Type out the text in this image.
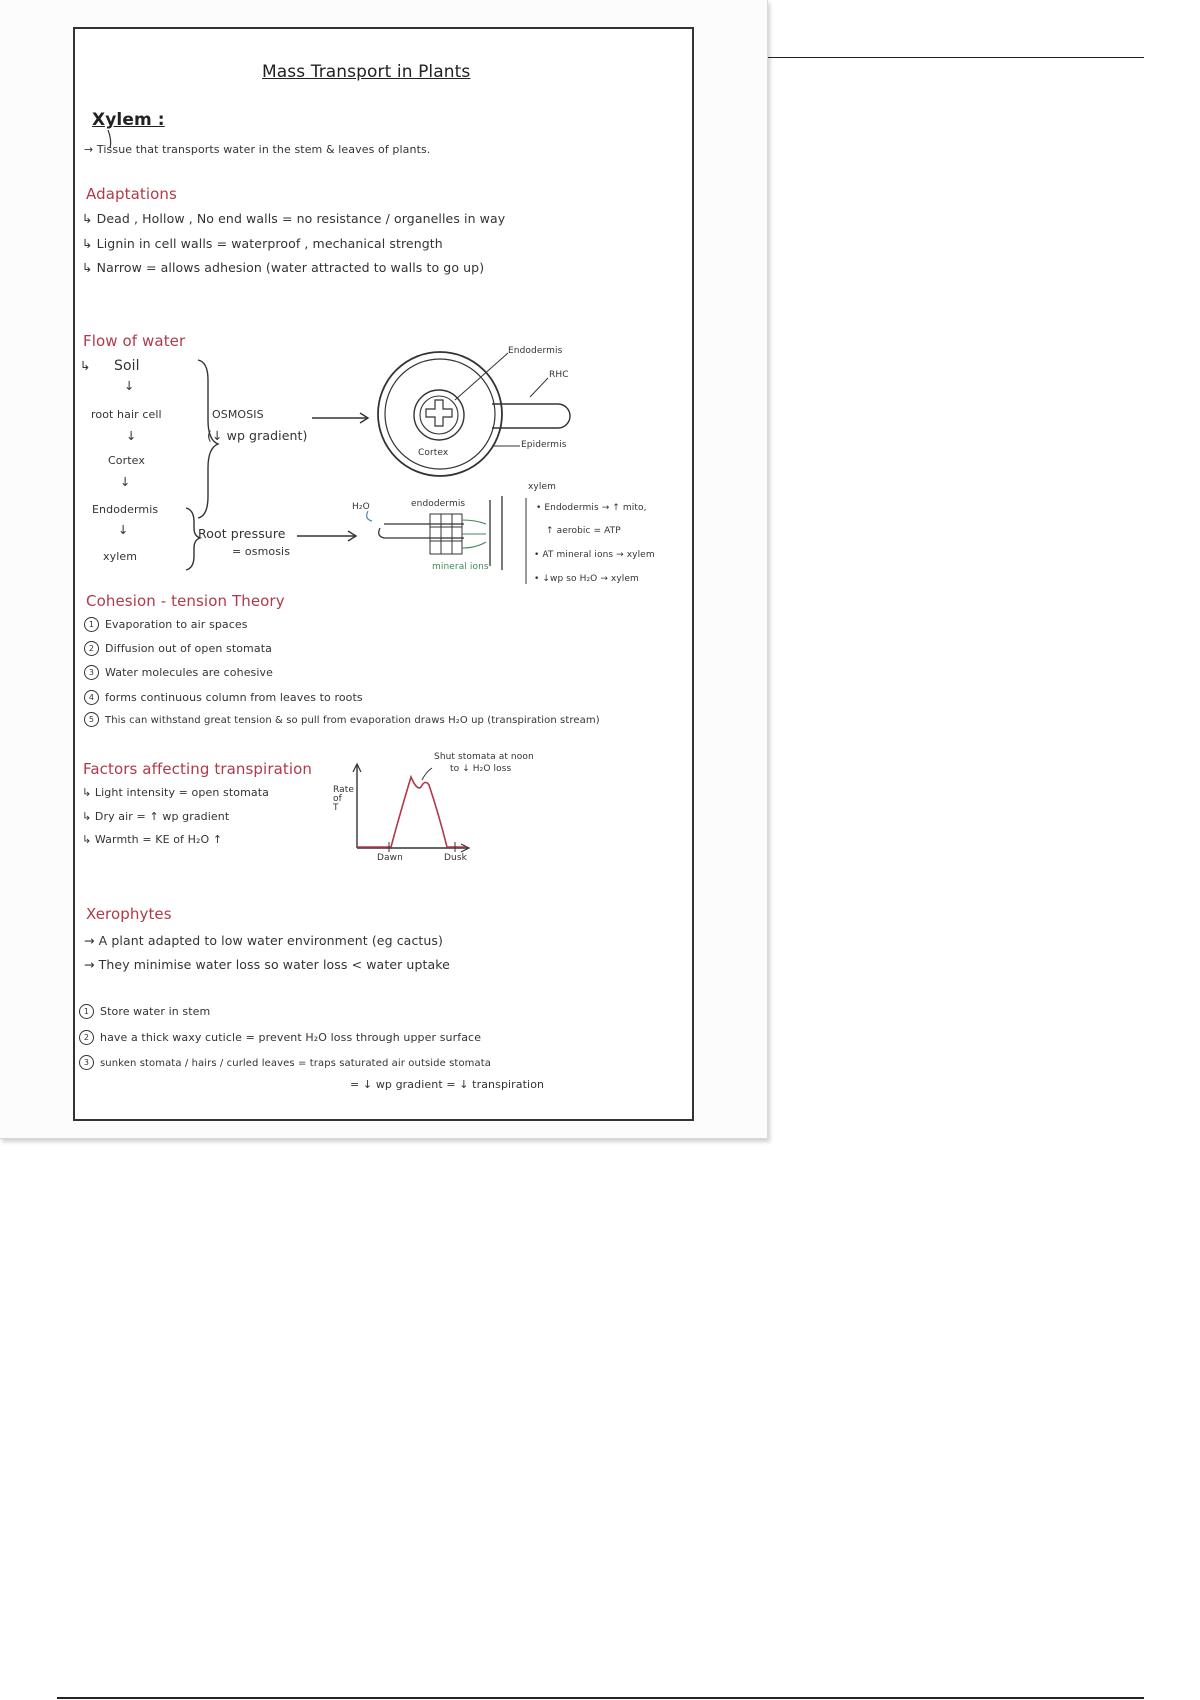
Mass Transport in Plants
Xylem :
→ Tissue that transports water in the stem & leaves of plants.
Adaptations
↳ Dead , Hollow , No end walls = no resistance / organelles in way
↳ Lignin in cell walls = waterproof , mechanical strength
↳ Narrow = allows adhesion (water attracted to walls to go up)
Flow of water
↳ Soil
↓
root hair cell
↓
Cortex
↓
Endodermis
↓
xylem
OSMOSIS
(↓ wp gradient)
Root pressure
= osmosis
Endodermis
RHC
Cortex
Epidermis
H₂O	endodermis
xylem
mineral ions
• Endodermis → ↑ mito,
↑ aerobic = ATP
• AT mineral ions → xylem
• ↓wp so H₂O → xylem
Cohesion - tension Theory
1 Evaporation to air spaces
2 Diffusion out of open stomata
3 Water molecules are cohesive
4 forms continuous column from leaves to roots
5 This can withstand great tension & so pull from evaporation draws H₂O up (transpiration stream)
Factors affecting transpiration
↳ Light intensity = open stomata
↳ Dry air = ↑ wp gradient
↳ Warmth = KE of H₂O ↑
Rate of T
Shut stomata at noon
to ↓ H₂O loss
Dawn	Dusk
Xerophytes
→ A plant adapted to low water environment (eg cactus)
→ They minimise water loss so water loss < water uptake
1 Store water in stem
2 have a thick waxy cuticle = prevent H₂O loss through upper surface
3 sunken stomata / hairs / curled leaves = traps saturated air outside stomata
= ↓ wp gradient = ↓ transpiration
